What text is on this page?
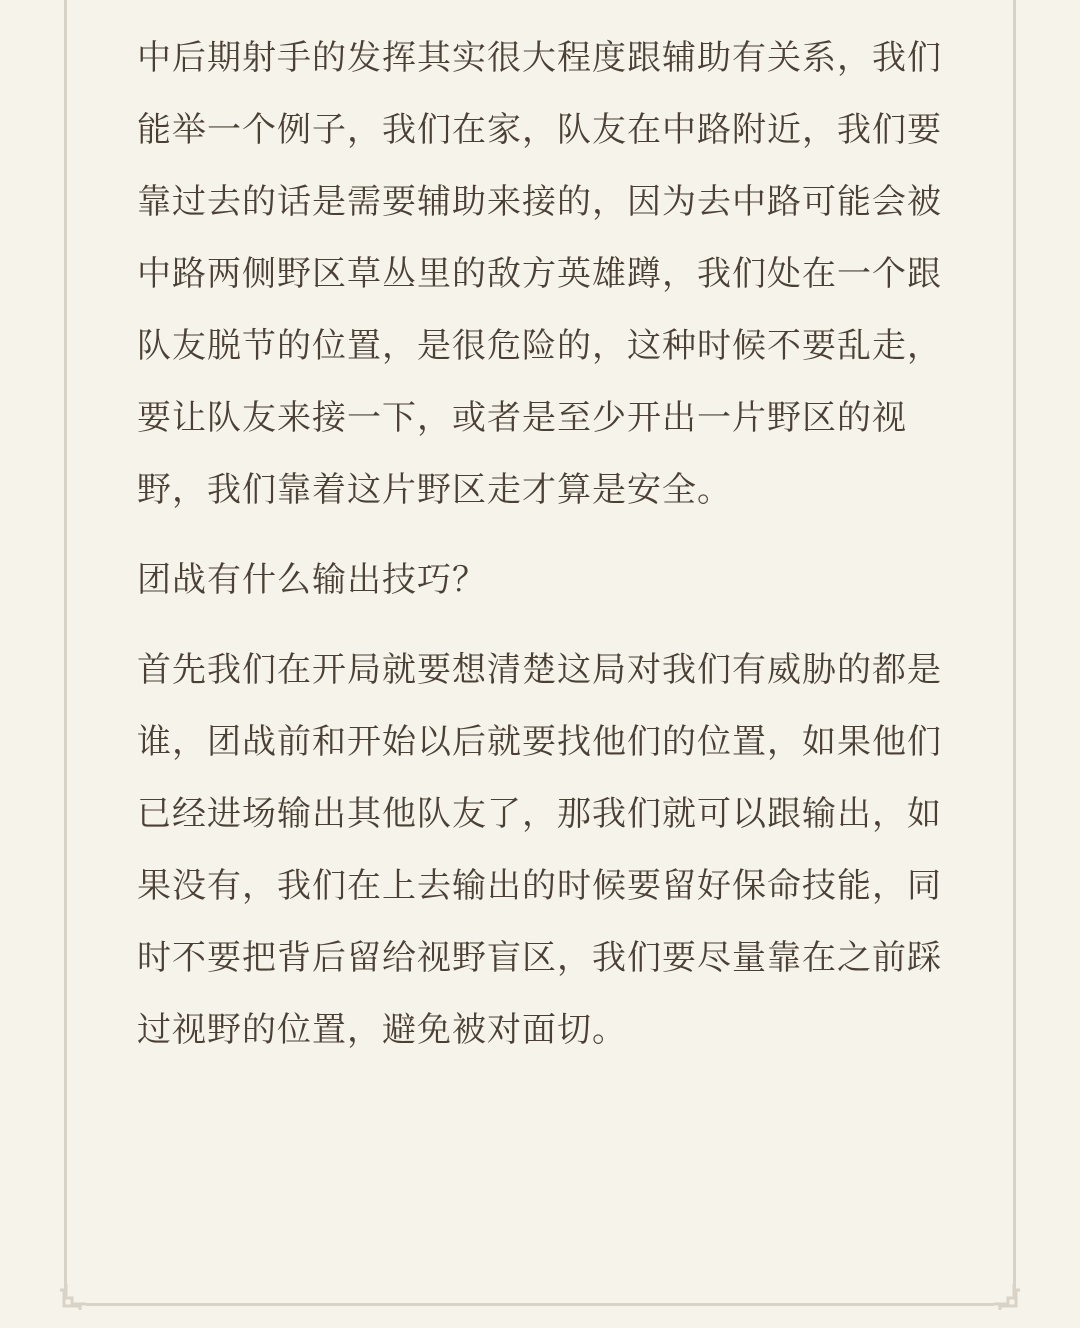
中后期射手的发挥其实很大程度跟辅助有关系，我们能举一个例子，我们在家，队友在中路附近，我们要靠过去的话是需要辅助来接的，因为去中路可能会被中路两侧野区草丛里的敌方英雄蹲，我们处在一个跟队友脱节的位置，是很危险的，这种时候不要乱走，要让队友来接一下，或者是至少开出一片野区的视野，我们靠着这片野区走才算是安全。

团战有什么输出技巧？

首先我们在开局就要想清楚这局对我们有威胁的都是谁，团战前和开始以后就要找他们的位置，如果他们已经进场输出其他队友了，那我们就可以跟输出，如果没有，我们在上去输出的时候要留好保命技能，同时不要把背后留给视野盲区，我们要尽量靠在之前踩过视野的位置，避免被对面切。
